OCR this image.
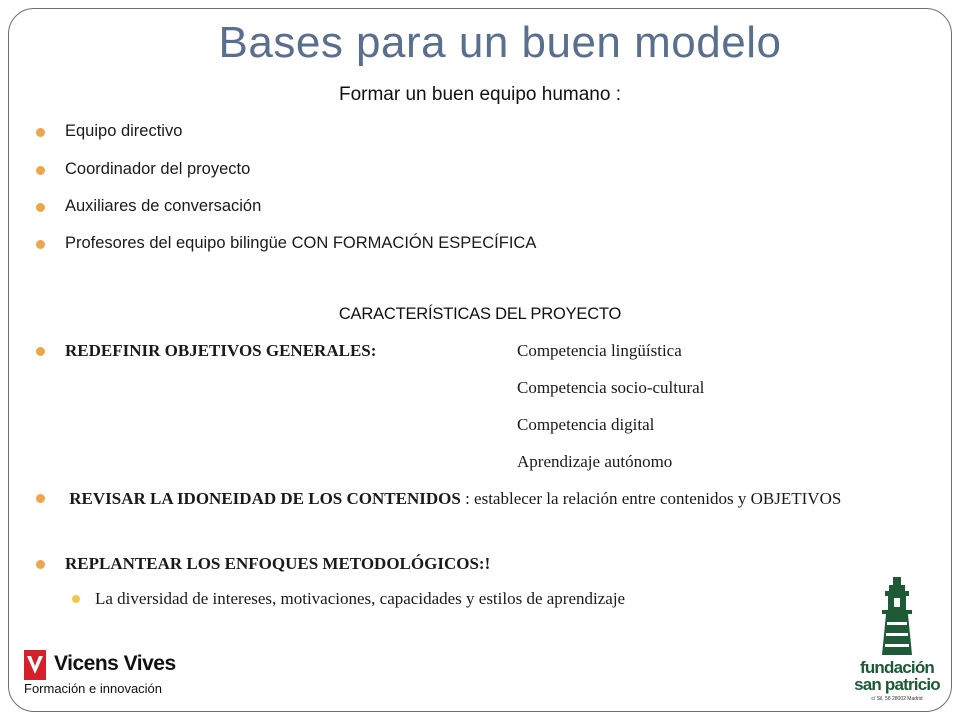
Bases para un buen modelo
Formar un buen equipo humano :
Equipo directivo
Coordinador del proyecto
Auxiliares de conversación
Profesores del equipo bilingüe CON FORMACIÓN ESPECÍFICA
CARACTERÍSTICAS DEL PROYECTO
REDEFINIR OBJETIVOS GENERALES:	Competencia lingüística
Competencia socio-cultural
Competencia digital
Aprendizaje autónomo
REVISAR LA IDONEIDAD DE LOS CONTENIDOS : establecer la relación entre contenidos y OBJETIVOS
REPLANTEAR LOS ENFOQUES METODOLÓGICOS:!
La diversidad de intereses, motivaciones, capacidades y estilos de aprendizaje
Vicens Vives
Formación e innovación
fundación
san patricio
c/ Sil, 58 28002 Madrid
